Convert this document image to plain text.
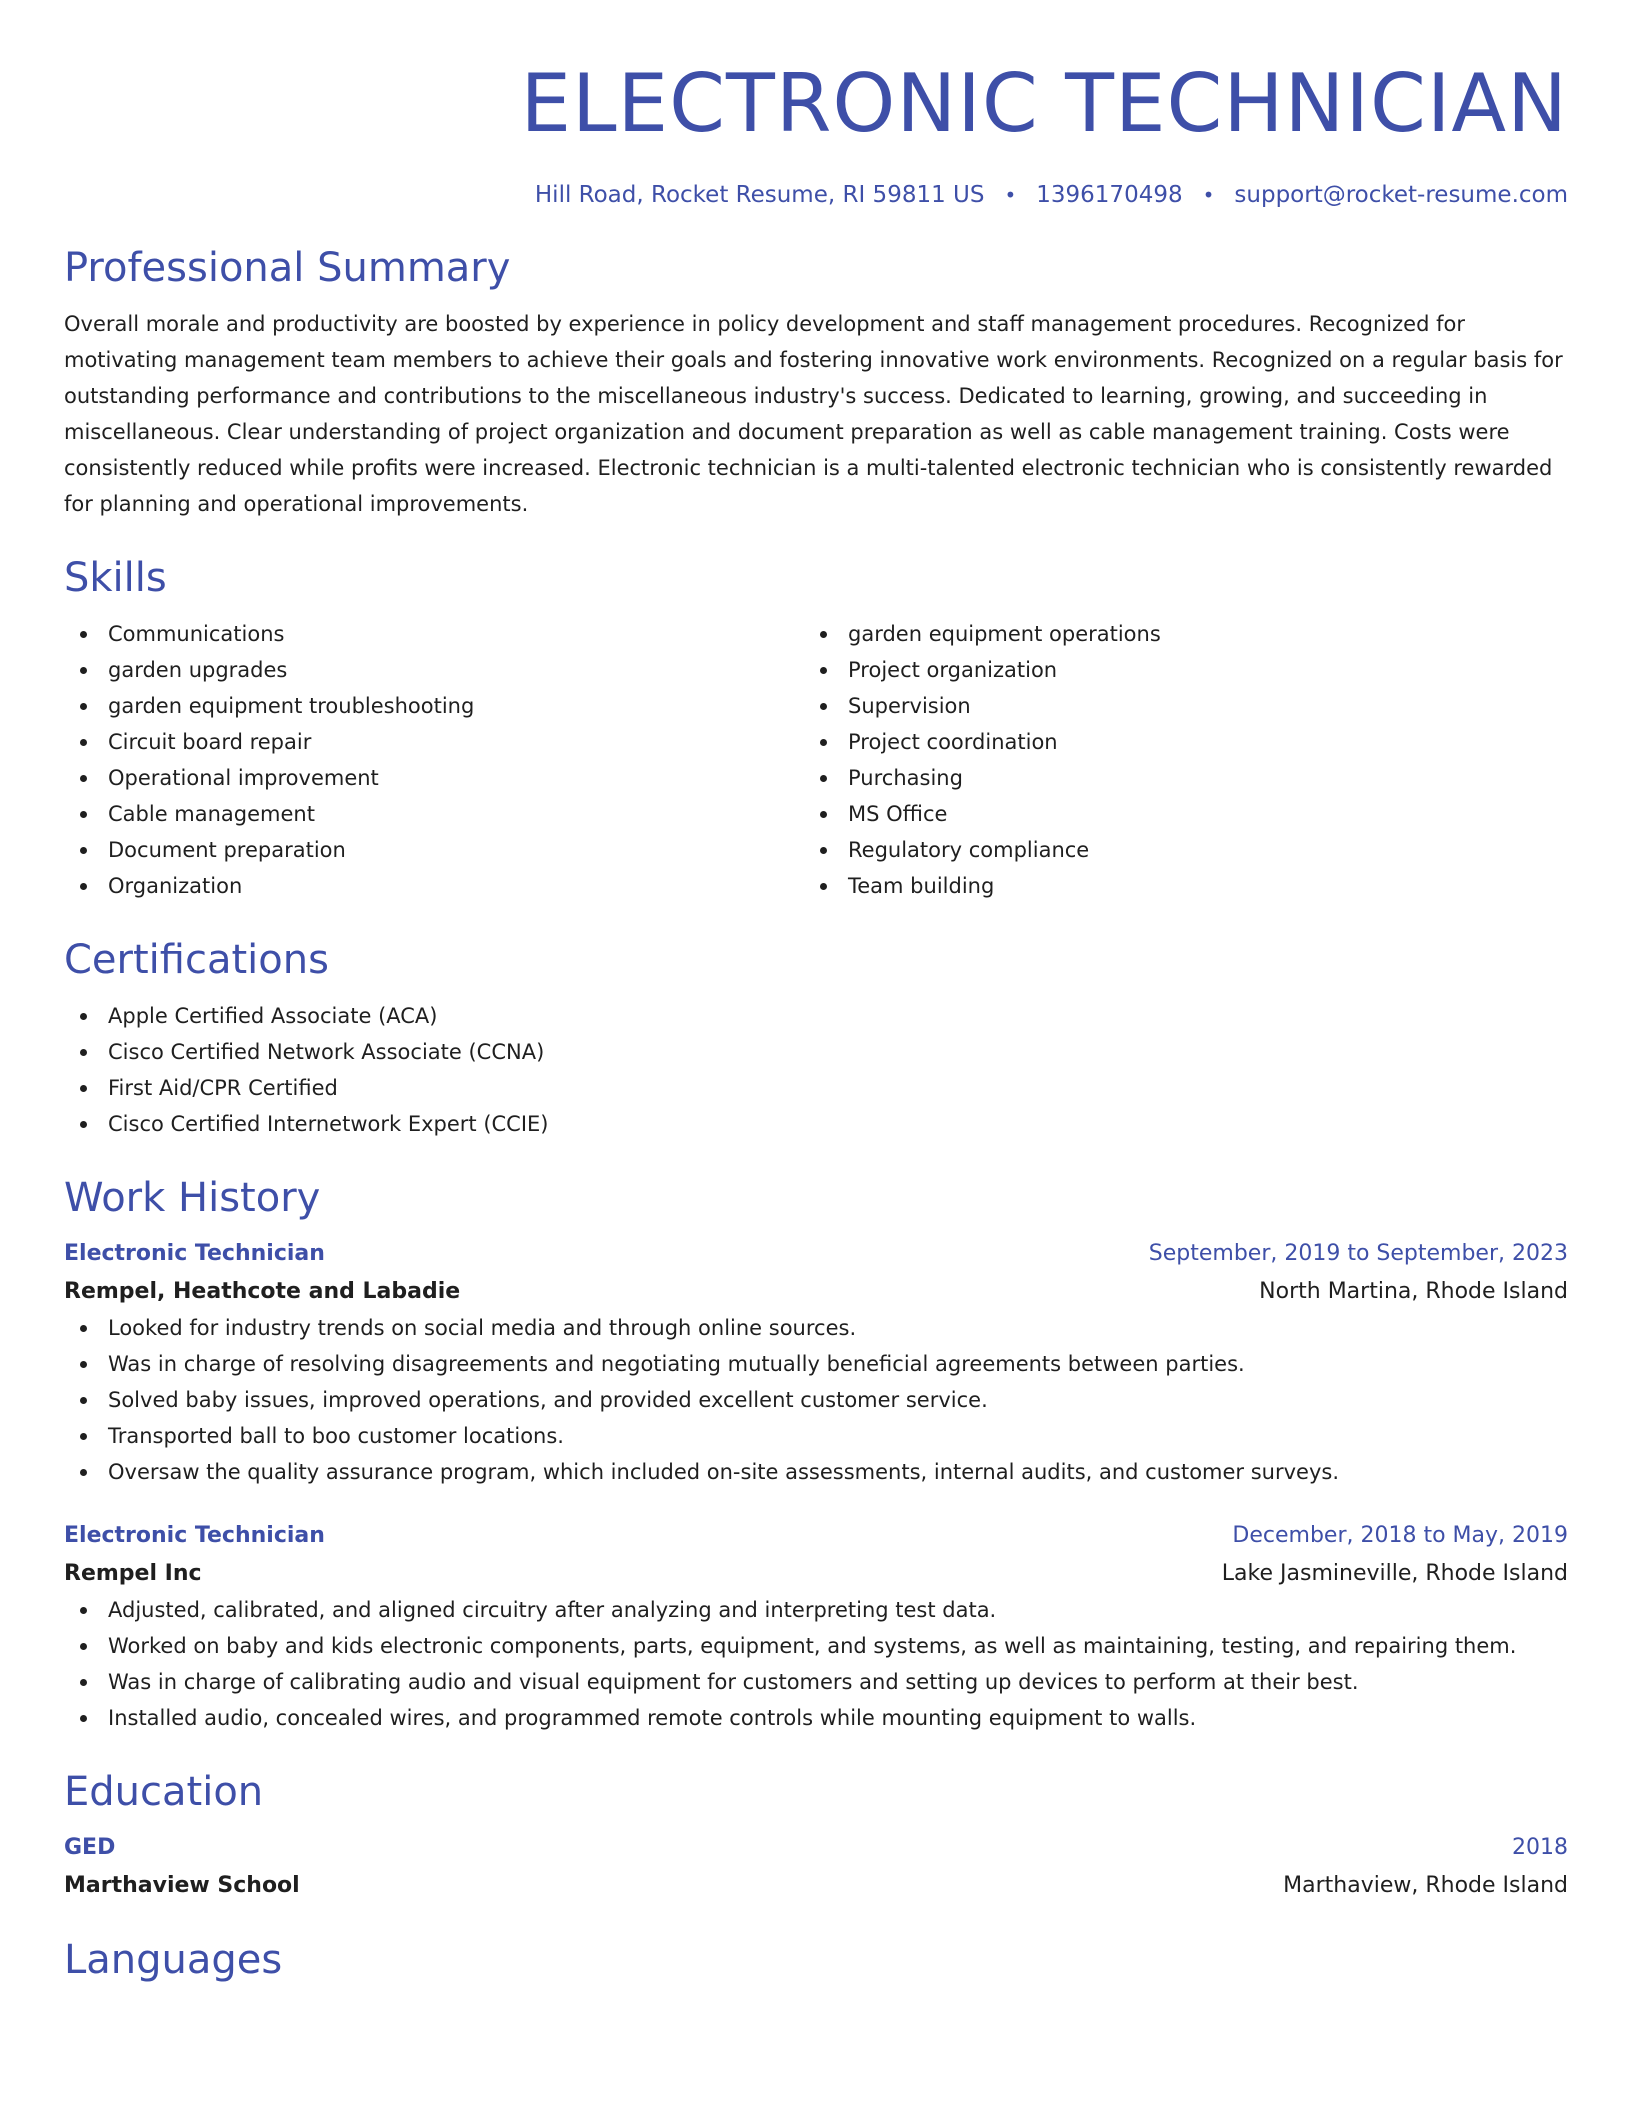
ELECTRONIC TECHNICIAN
Hill Road, Rocket Resume, RI 59811 US • 1396170498 • support@rocket-resume.com
Professional Summary
Overall morale and productivity are boosted by experience in policy development and staff management procedures. Recognized for motivating management team members to achieve their goals and fostering innovative work environments. Recognized on a regular basis for outstanding performance and contributions to the miscellaneous industry's success. Dedicated to learning, growing, and succeeding in miscellaneous. Clear understanding of project organization and document preparation as well as cable management training. Costs were consistently reduced while profits were increased. Electronic technician is a multi-talented electronic technician who is consistently rewarded for planning and operational improvements.
Skills
Communications
garden upgrades
garden equipment troubleshooting
Circuit board repair
Operational improvement
Cable management
Document preparation
Organization
garden equipment operations
Project organization
Supervision
Project coordination
Purchasing
MS Office
Regulatory compliance
Team building
Certifications
Apple Certified Associate (ACA)
Cisco Certified Network Associate (CCNA)
First Aid/CPR Certified
Cisco Certified Internetwork Expert (CCIE)
Work History
Electronic Technician	September, 2019 to September, 2023
Rempel, Heathcote and Labadie	North Martina, Rhode Island
Looked for industry trends on social media and through online sources.
Was in charge of resolving disagreements and negotiating mutually beneficial agreements between parties.
Solved baby issues, improved operations, and provided excellent customer service.
Transported ball to boo customer locations.
Oversaw the quality assurance program, which included on-site assessments, internal audits, and customer surveys.
Electronic Technician	December, 2018 to May, 2019
Rempel Inc	Lake Jasmineville, Rhode Island
Adjusted, calibrated, and aligned circuitry after analyzing and interpreting test data.
Worked on baby and kids electronic components, parts, equipment, and systems, as well as maintaining, testing, and repairing them.
Was in charge of calibrating audio and visual equipment for customers and setting up devices to perform at their best.
Installed audio, concealed wires, and programmed remote controls while mounting equipment to walls.
Education
GED	2018
Marthaview School	Marthaview, Rhode Island
Languages
